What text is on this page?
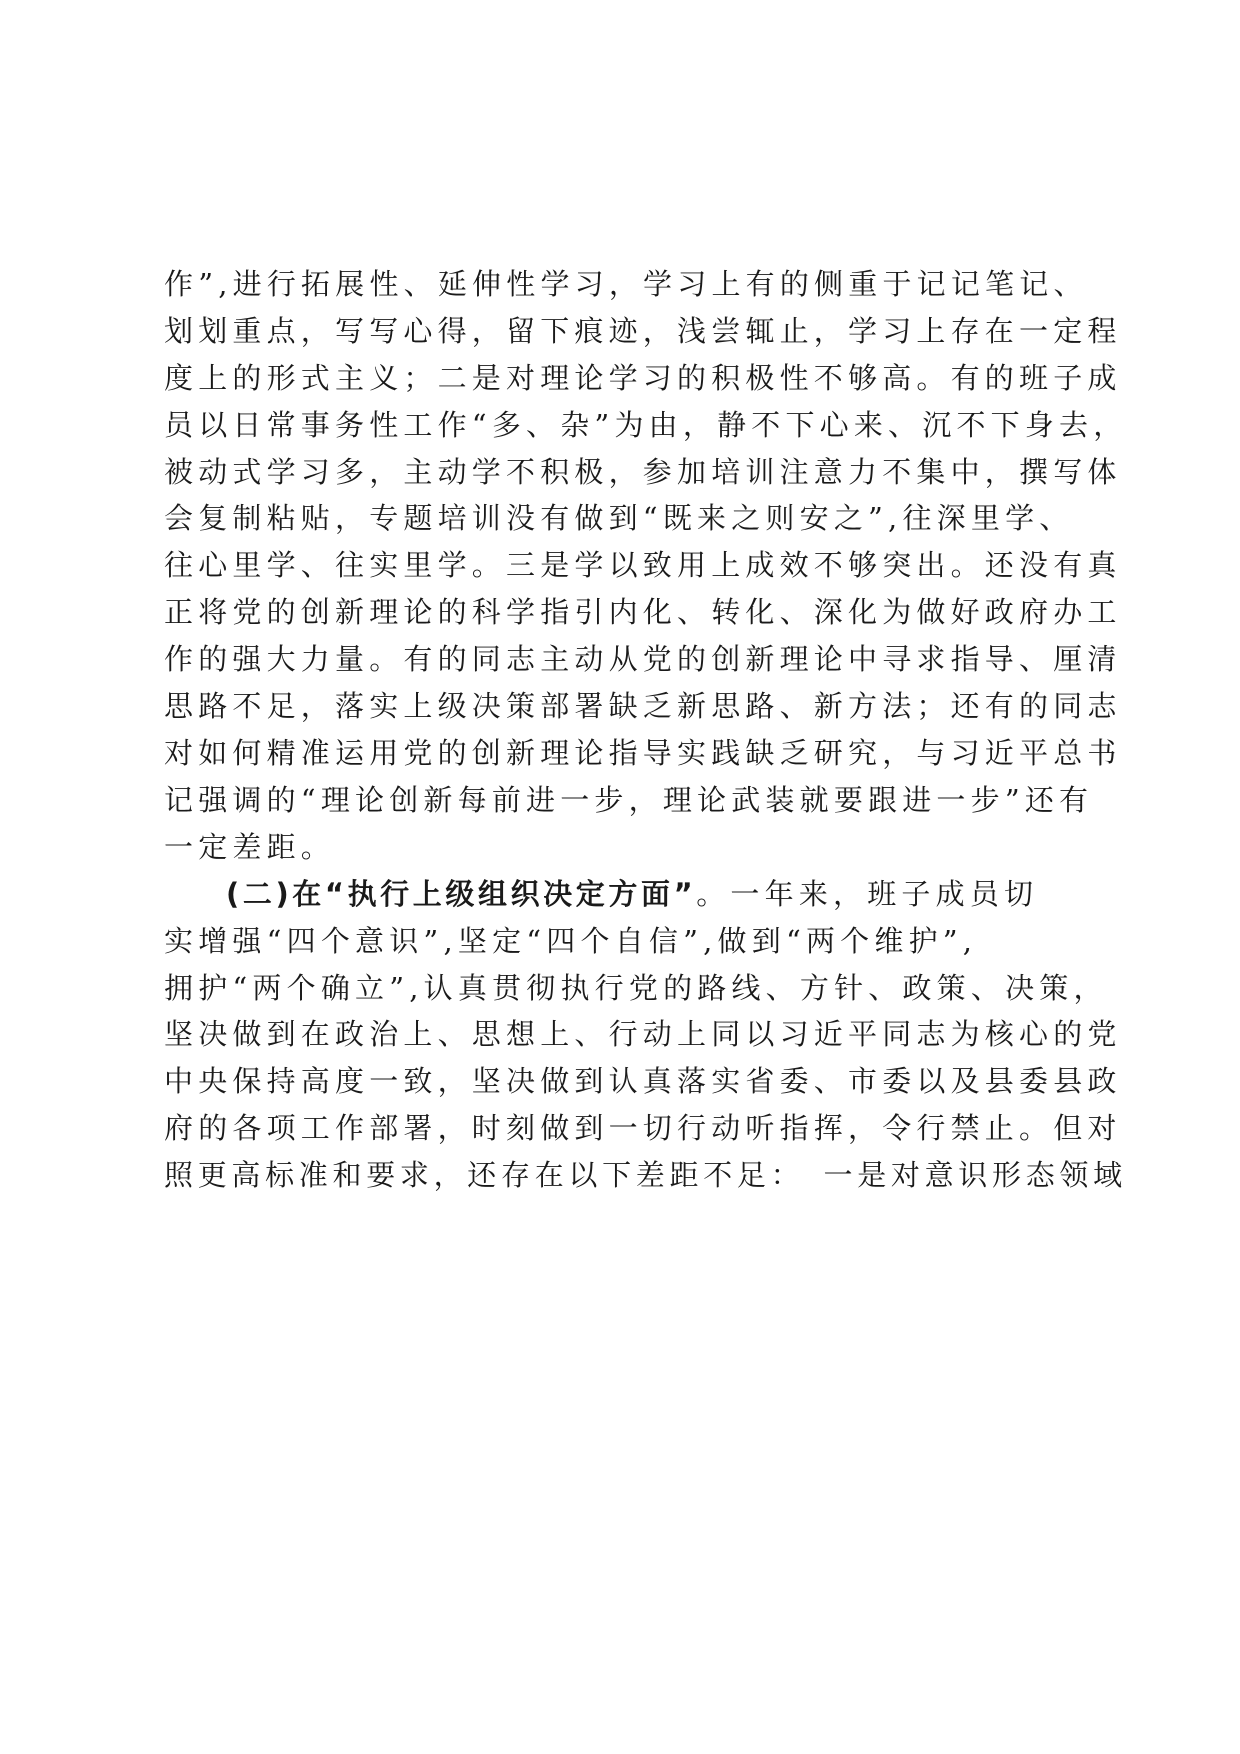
作”,进行拓展性、延伸性学习，学习上有的侧重于记记笔记、
划划重点，写写心得，留下痕迹，浅尝辄止，学习上存在一定程
度上的形式主义；二是对理论学习的积极性不够高。有的班子成
员以日常事务性工作“多、杂”为由，静不下心来、沉不下身去，
被动式学习多，主动学不积极，参加培训注意力不集中，撰写体
会复制粘贴，专题培训没有做到“既来之则安之”,往深里学、
往心里学、往实里学。三是学以致用上成效不够突出。还没有真
正将党的创新理论的科学指引内化、转化、深化为做好政府办工
作的强大力量。有的同志主动从党的创新理论中寻求指导、厘清
思路不足，落实上级决策部署缺乏新思路、新方法；还有的同志
对如何精准运用党的创新理论指导实践缺乏研究，与习近平总书
记强调的“理论创新每前进一步，理论武装就要跟进一步”还有
一定差距。
(二)在“执行上级组织决定方面”。一年来，班子成员切
实增强“四个意识”,坚定“四个自信”,做到“两个维护”,
拥护“两个确立”,认真贯彻执行党的路线、方针、政策、决策，
坚决做到在政治上、思想上、行动上同以习近平同志为核心的党
中央保持高度一致，坚决做到认真落实省委、市委以及县委县政
府的各项工作部署，时刻做到一切行动听指挥，令行禁止。但对
照更高标准和要求，还存在以下差距不足：　一是对意识形态领域
